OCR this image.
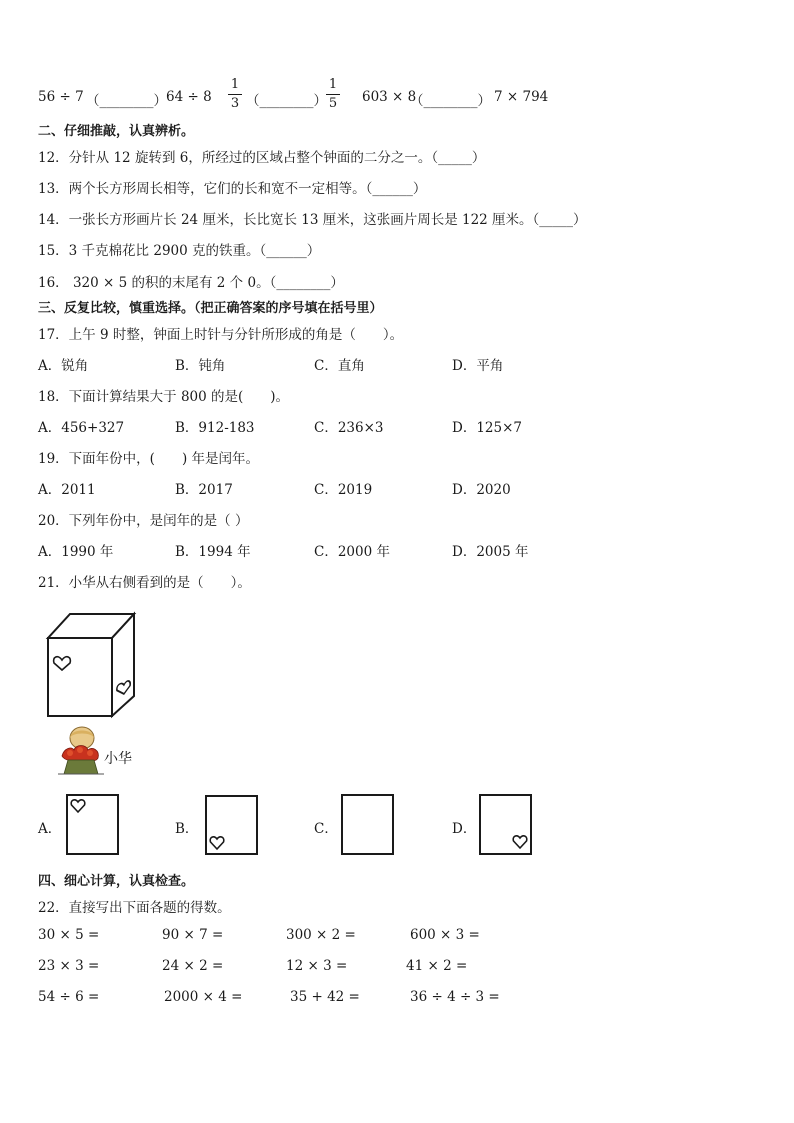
56 ÷ 7 （________） 64 ÷ 8
1
3 （________）
1
5 603 × 8
（________） 7 × 794
二、仔细推敲，认真辨析。
12．分针从 12 旋转到 6，所经过的区域占整个钟面的二分之一。（_____）
13．两个长方形周长相等，它们的长和宽不一定相等。（______）
14．一张长方形画片长 24 厘米，长比宽长 13 厘米，这张画片周长是 122 厘米。（_____）
15．3 千克棉花比 2900 克的铁重。（______）
16． 320 × 5 的积的末尾有 2 个 0。（________）
三、反复比较，慎重选择。（把正确答案的序号填在括号里）
17．上午 9 时整，钟面上时针与分针所形成的角是（　　）。
A．锐角	B．钝角	C．直角	D．平角
18．下面计算结果大于 800 的是(　　)。
A．456+327	B．912-183	C．236×3	D．125×7
19．下面年份中，(　　) 年是闰年。
A．2011	B．2017	C．2019	D．2020
20．下列年份中，是闰年的是（ ）
A．1990 年	B．1994 年	C．2000 年	D．2005 年
21．小华从右侧看到的是（　　）。
小华
A．	B．	C．	D．
四、细心计算，认真检查。
22．直接写出下面各题的得数。
30 × 5 =	90 × 7 =	300 × 2 =	600 × 3 =
23 × 3 =	24 × 2 =	12 × 3 =	41 × 2 =
54 ÷ 6 =	2000 × 4 =	35 + 42 =	36 ÷ 4 ÷ 3 =
